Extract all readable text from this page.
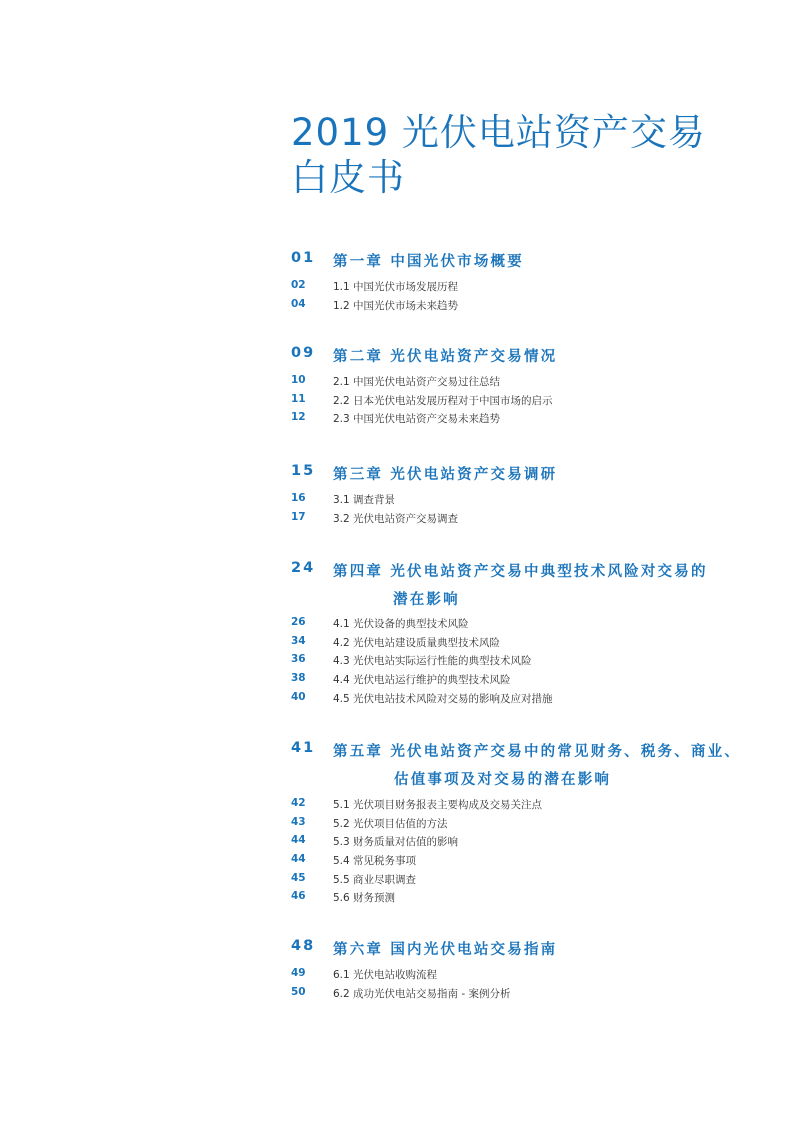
2019 光伏电站资产交易
白皮书
01	第一章 中国光伏市场概要
02	1.1 中国光伏市场发展历程
04	1.2 中国光伏市场未来趋势
09	第二章 光伏电站资产交易情况
10	2.1 中国光伏电站资产交易过往总结
11	2.2 日本光伏电站发展历程对于中国市场的启示
12	2.3 中国光伏电站资产交易未来趋势
15	第三章 光伏电站资产交易调研
16	3.1 调查背景
17	3.2 光伏电站资产交易调查
24	第四章 光伏电站资产交易中典型技术风险对交易的
潜在影响
26	4.1 光伏设备的典型技术风险
34	4.2 光伏电站建设质量典型技术风险
36	4.3 光伏电站实际运行性能的典型技术风险
38	4.4 光伏电站运行维护的典型技术风险
40	4.5 光伏电站技术风险对交易的影响及应对措施
41	第五章 光伏电站资产交易中的常见财务、税务、商业、
估值事项及对交易的潜在影响
42	5.1 光伏项目财务报表主要构成及交易关注点
43	5.2 光伏项目估值的方法
44	5.3 财务质量对估值的影响
44	5.4 常见税务事项
45	5.5 商业尽职调查
46	5.6 财务预测
48	第六章 国内光伏电站交易指南
49	6.1 光伏电站收购流程
50	6.2 成功光伏电站交易指南 - 案例分析
